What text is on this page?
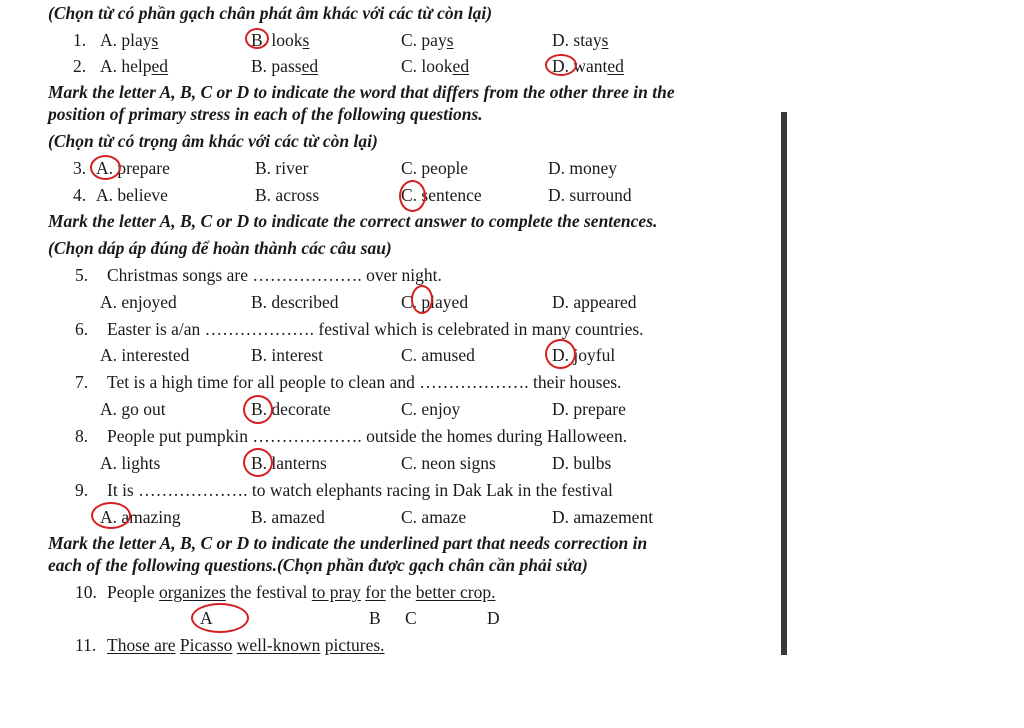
(Chọn từ có phần gạch chân phát âm khác với các từ còn lại)
1. A. plays	B. looks	C. pays	D. stays
2. A. helped	B. passed	C. looked	D. wanted
Mark the letter A, B, C or D to indicate the word that differs from the other three in the
position of primary stress in each of the following questions.
(Chọn từ có trọng âm khác với các từ còn lại)
3. A. prepare	B. river	C. people	D. money
4. A. believe	B. across	C. sentence	D. surround
Mark the letter A, B, C or D to indicate the correct answer to complete the sentences.
(Chọn dáp áp đúng để hoàn thành các câu sau)
5. Christmas songs are ………………. over night.
A. enjoyed	B. described	C. played	D. appeared
6. Easter is a/an ………………. festival which is celebrated in many countries.
A. interested	B. interest	C. amused	D. joyful
7. Tet is a high time for all people to clean and ………………. their houses.
A. go out	B. decorate	C. enjoy	D. prepare
8. People put pumpkin ………………. outside the homes during Halloween.
A. lights	B. lanterns	C. neon signs	D. bulbs
9. It is ………………. to watch elephants racing in Dak Lak in the festival
A. amazing	B. amazed	C. amaze	D. amazement
Mark the letter A, B, C or D to indicate the underlined part that needs correction in
each of the following questions.(Chọn phần được gạch chân cần phải sửa)
10. People organizes the festival to pray for the better crop.
A	B C	D
11. Those are Picasso well-known pictures.
